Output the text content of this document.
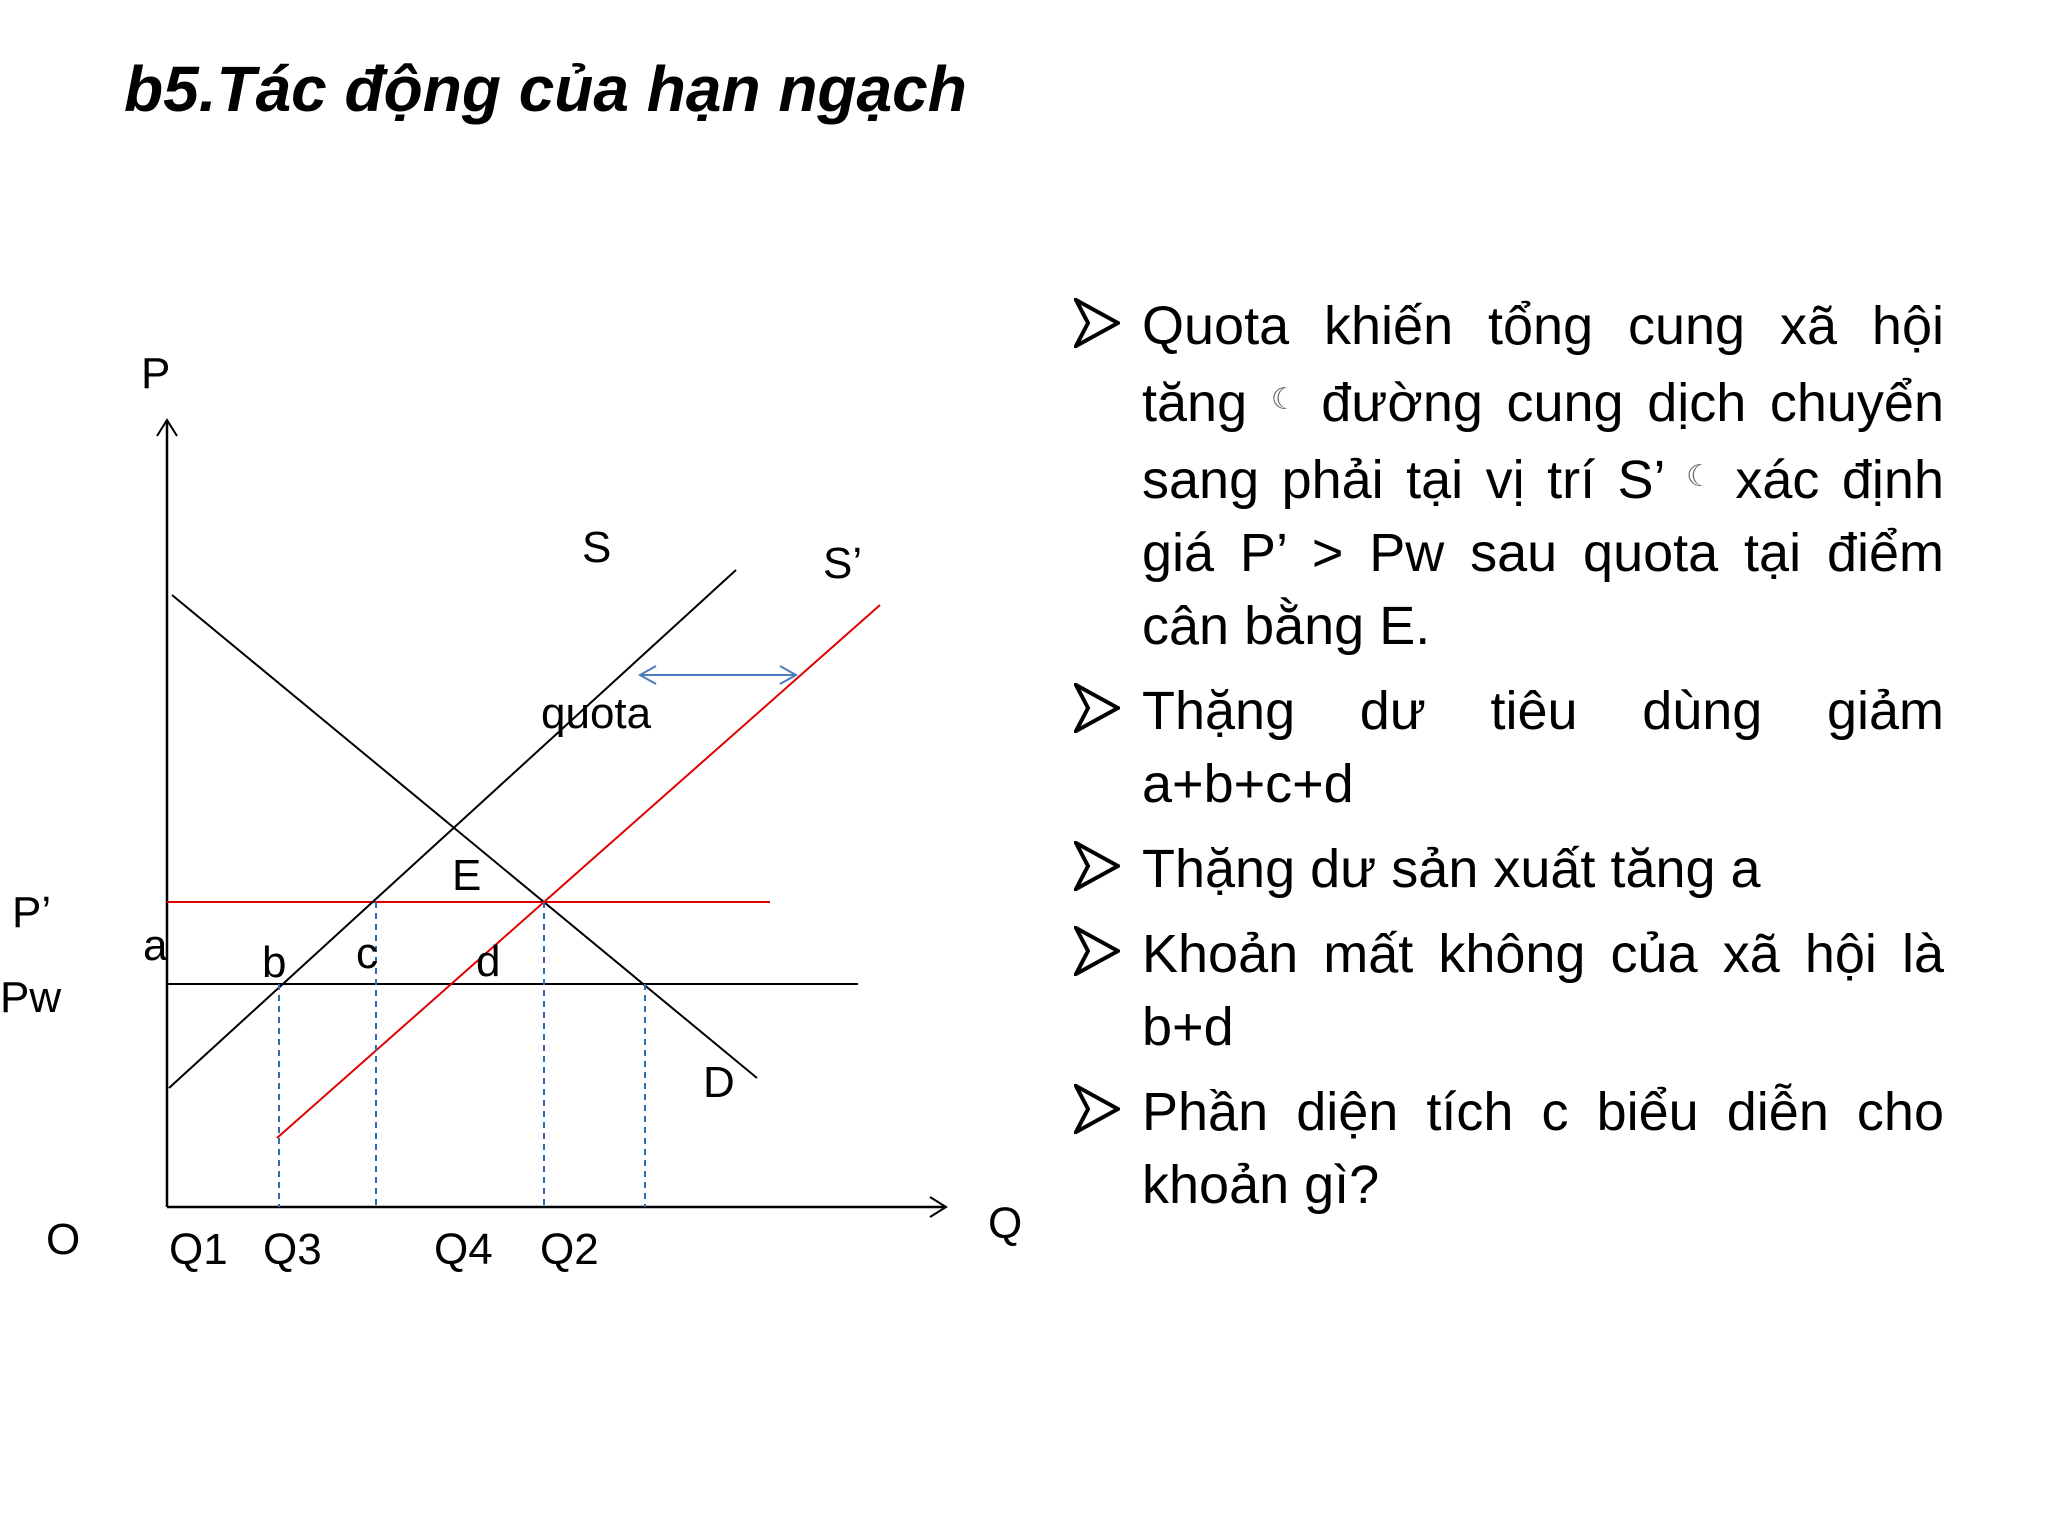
b5.Tác động của hạn ngạch
P
Q
O
S	S’
quota
E
D
P’
Pw
a b c d
Q1 Q3	Q4 Q2

Quota khiến tổng cung xã hội tăng ☾ đường cung dịch chuyển sang phải tại vị trí S’ ☾ xác định giá P’ > Pw sau quota tại điểm cân bằng E.

Thặng dư tiêu dùng giảm a+b+c+d

Thặng dư sản xuất tăng a

Khoản mất không của xã hội là b+d

Phần diện tích c biểu diễn cho khoản gì?
